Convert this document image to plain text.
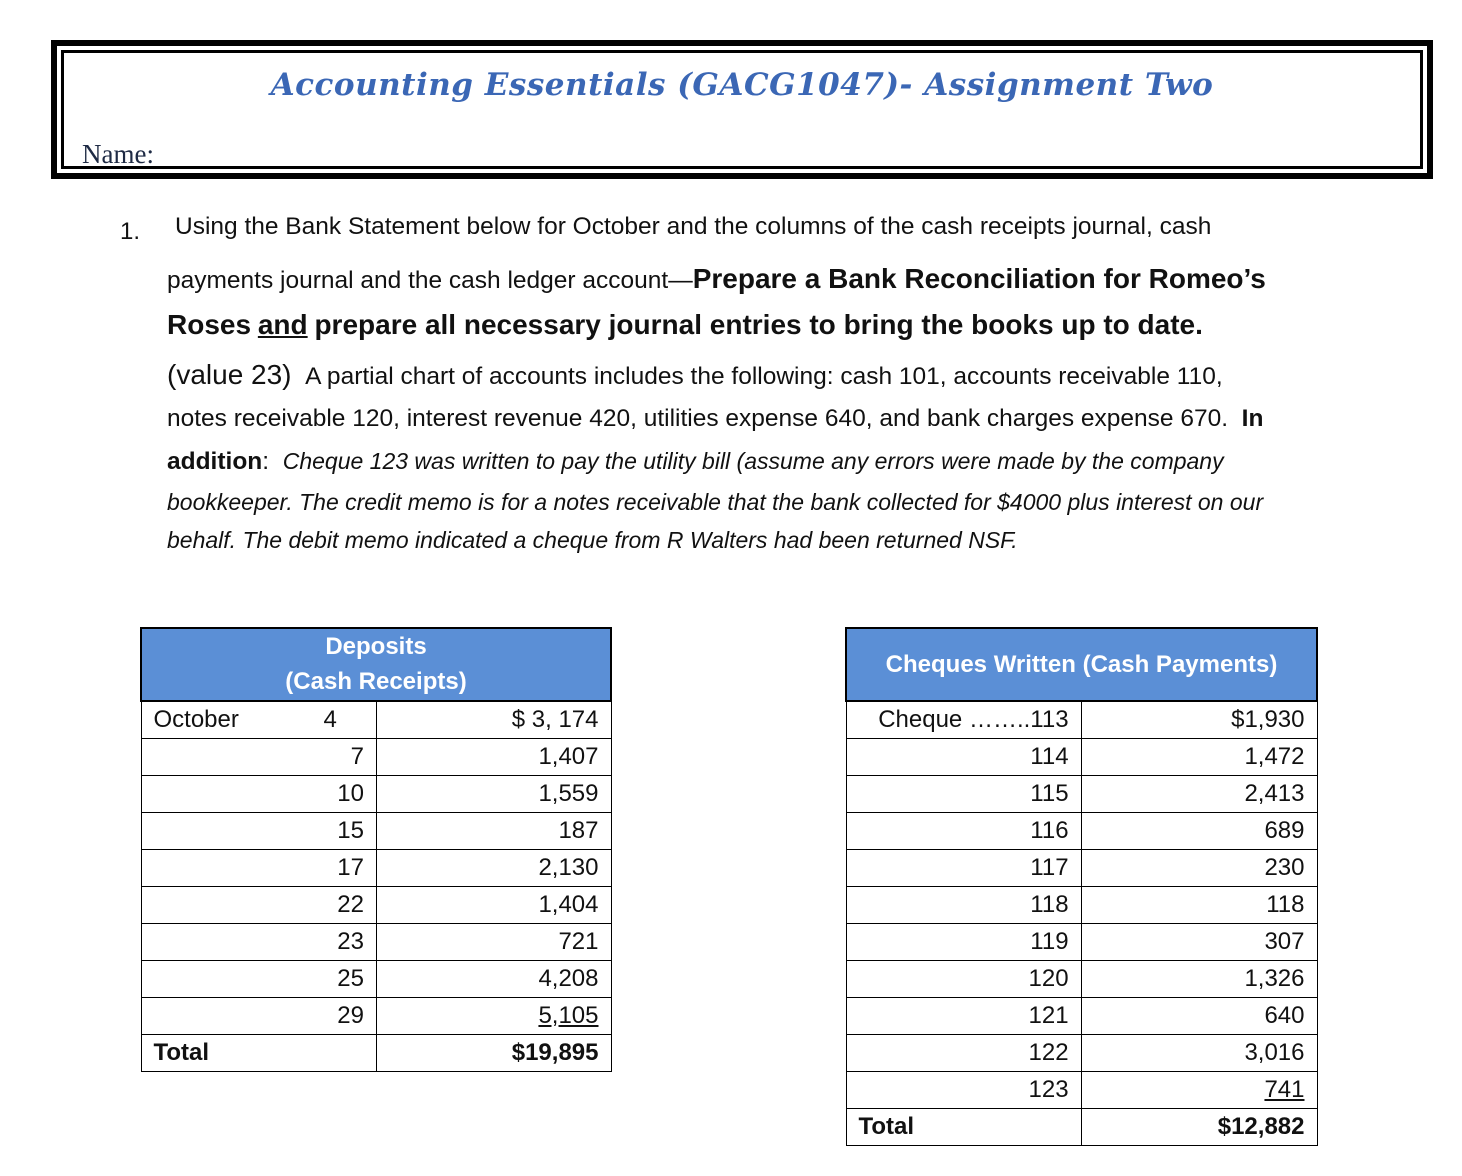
Accounting Essentials (GACG1047)- Assignment Two
Name:
1. Using the Bank Statement below for October and the columns of the cash receipts journal, cash
payments journal and the cash ledger account—Prepare a Bank Reconciliation for Romeo’s
Roses and prepare all necessary journal entries to bring the books up to date.
(value 23) A partial chart of accounts includes the following: cash 101, accounts receivable 110,
notes receivable 120, interest revenue 420, utilities expense 640, and bank charges expense 670. In
addition: Cheque 123 was written to pay the utility bill (assume any errors were made by the company
bookkeeper. The credit memo is for a notes receivable that the bank collected for $4000 plus interest on our
behalf. The debit memo indicated a cheque from R Walters had been returned NSF.
Deposits
(Cash Receipts)	
October 4	$ 3, 174
7	1,407
10	1,559
15	187
17	2,130
22	1,404
23	721
25	4,208
29	5,105
Total	$19,895
Cheques Written (Cash Payments)	
Cheque ……..113	$1,930
114	1,472
115	2,413
116	689
117	230
118	118
119	307
120	1,326
121	640
122	3,016
123	741
Total	$12,882
